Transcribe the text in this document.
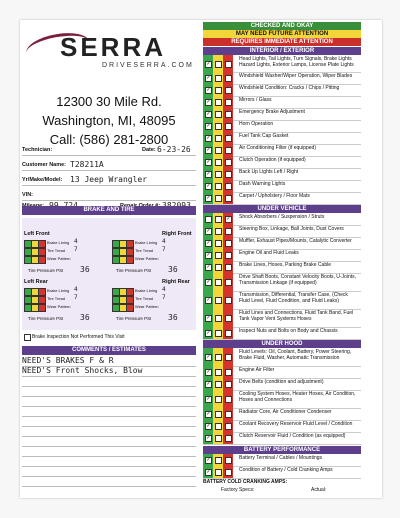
SERRA
DRIVESERRA.COM
12300 30 Mile Rd.
Washington, MI, 48095
Call: (586) 281-2800
Technician:	Date: 6-23-26
Customer Name: T28211A
Yr/Make/Model: 13 Jeep Wrangler
VIN:
BRAKE AND TIRE
Left Front	Right Front
Left Rear	Right Rear
Brake Lining 4
Tire Tread 7
Wear Pattern
Tire Pressure PSI 36
Brake Lining 4
Tire Tread 7
Wear Pattern
Tire Pressure PSI 36
Brake Lining 4
Tire Tread 7
Wear Pattern
Tire Pressure PSI 36
Brake Lining 4
Tire Tread 7
Wear Pattern
Tire Pressure PSI 36
Brake Inspection Not Performed This Visit
COMMENTS / ESTIMATES
NEED'S BRAKES F & R
NEED'S Front Shocks, Blow
CHECKED AND OKAY
MAY NEED FUTURE ATTENTION
REQUIRES IMMEDIATE ATTENTION
INTERIOR / EXTERIOR
✓
Head Lights, Tail Lights, Turn Signals, Brake Lights Hazard Lights, Exterior Lamps, License Plate Lights
✓	Windshield Washer/Wiper Operation, Wiper Blades
✓	Windshield Condition: Cracks / Chips / Pitting
✓	Mirrors / Glass
✓	Emergency Brake Adjustment
✓	Horn Operation
✓	Fuel Tank Cap Gasket
✓	Air Conditioning Filter (if equipped)
✓	Clutch Operation (if equipped)
✓	Back Up Lights Left / Right
✓	Dash Warning Lights
✓	Carpet / Upholstery / Floor Mats
UNDER VEHICLE
✓ Shock Absorbers / Suspension / Struts
✓	Steering Box, Linkage, Ball Joints, Dust Covers
✓	Muffler, Exhaust Pipes/Mounts, Catalytic Converter
✓	Engine Oil and Fluid Leaks
✓	Brake Lines, Hoses, Parking Brake Cable
✓
Drive Shaft Boots, Constant Velocity Boots, U-Joints, Transmission Linkage (if equipped)
✓
Transmission, Differential, Transfer Case, (Check Fluid Level, Fluid Condition, and Fluid Leaks)
✓
Fluid Lines and Connections, Fluid Tank Band, Fuel Tank Vapor Vent Systems Hoses
✓	Inspect Nuts and Bolts on Body and Chassis
UNDER HOOD
✓
Fluid Levels: Oil, Coolant, Battery, Power Steering, Brake Fluid, Washer, Automatic Transmission
✓	Engine Air Filter
✓	Drive Belts (condition and adjustment)
✓
Cooling System Hoses, Heater Hoses, Air Condition, Hoses and Connections
✓	Radiator Core, Air Conditioner Condenser
✓	Coolant Recovery Reservoir Fluid Level / Condition
✓	Clutch Reservoir Fluid / Condition (as equipped)
BATTERY PERFORMANCE
✓	Battery Terminal / Cables / Mountings
✓	Condition of Battery / Cold Cranking Amps
BATTERY COLD CRANKING AMPS:
Factory Specs:	Actual:
